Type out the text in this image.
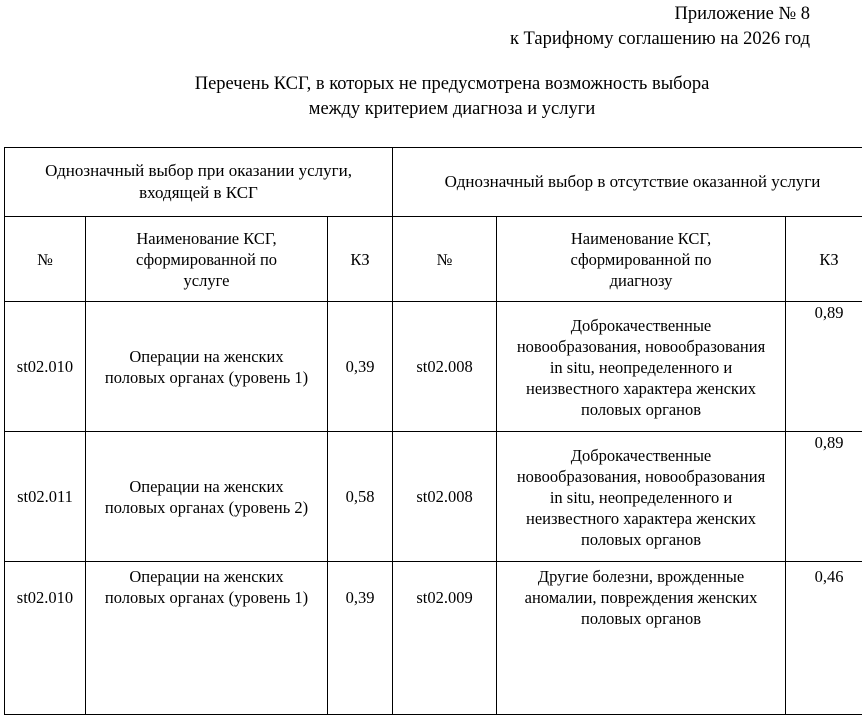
Приложение № 8
к Тарифному соглашению на 2026 год
Перечень КСГ, в которых не предусмотрена возможность выбора
между критерием диагноза и услуги
Однозначный выбор при оказании услуги, входящей в КСГ			Однозначный выбор в отсутствие оказанной услуги		
№	Наименование КСГ, сформированной по услуге	КЗ	№	Наименование КСГ, сформированной по диагнозу	КЗ
st02.010	Операции на женских половых органах (уровень 1)	0,39	st02.008	Доброкачественные новообразования, новообразования in situ, неопределенного и неизвестного характера женских половых органов	0,89
st02.011	Операции на женских половых органах (уровень 2)	0,58	st02.008	Доброкачественные новообразования, новообразования in situ, неопределенного и неизвестного характера женских половых органов	0,89
st02.010	Операции на женских половых органах (уровень 1)	0,39	st02.009	Другие болезни, врожденные аномалии, повреждения женских половых органов	0,46
